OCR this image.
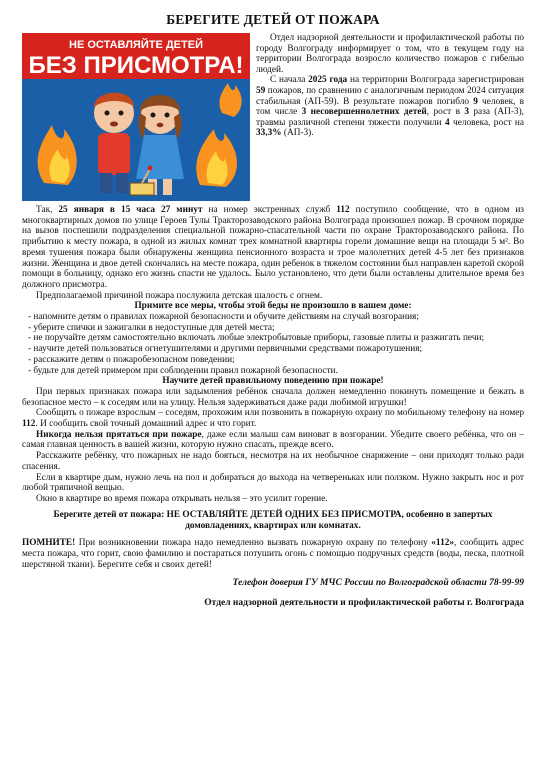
БЕРЕГИТЕ ДЕТЕЙ ОТ ПОЖАРА
НЕ ОСТАВЛЯЙТЕ ДЕТЕЙ
БЕЗ ПРИСМОТРА!

Отдел надзорной деятельности и профилактической работы по городу Волгограду информирует о том, что в текущем году на территории Волгограда возросло количество пожаров с гибелью людей.

С начала 2025 года на территории Волгограда зарегистрирован 59 пожаров, по сравнению с аналогичным периодом 2024 ситуация стабильная (АП-59). В результате пожаров погибло 9 человек, в том числе 3 несовершеннолетних детей, рост в 3 раза (АП-3), травмы различной степени тяжести получили 4 человека, рост на 33,3% (АП-3).

Так, 25 января в 15 часа 27 минут на номер экстренных служб 112 поступило сообщение, что в одном из многоквартирных домов по улице Героев Тулы Тракторозаводского района Волгограда произошел пожар. В срочном порядке на вызов поспешили подразделения специальной пожарно-спасательной части по охране Тракторозаводского района. По прибытию к месту пожара, в одной из жилых комнат трех комнатной квартиры горели домашние вещи на площади 5 м². Во время тушения пожара были обнаружены женщина пенсионного возраста и трое малолетних детей 4-5 лет без признаков жизни. Женщина и двое детей скончались на месте пожара, один ребенок в тяжелом состоянии был направлен каретой скорой помощи в больницу, однако его жизнь спасти не удалось. Было установлено, что дети были оставлены длительное время без должного присмотра.

Предполагаемой причиной пожара послужила детская шалость с огнем.

Примите все меры, чтобы этой беды не произошло в вашем доме:

- напомните детям о правилах пожарной безопасности и обучите действиям на случай возгорания;
- уберите спички и зажигалки в недоступные для детей места;
- не поручайте детям самостоятельно включать любые электробытовые приборы, газовые плиты и разжигать печи;
- научите детей пользоваться огнетушителями и другими первичными средствами пожаротушения;
- расскажите детям о пожаробезопасном поведении;
- будьте для детей примером при соблюдении правил пожарной безопасности.

Научите детей правильному поведению при пожаре!

При первых признаках пожара или задымления ребёнок сначала должен немедленно покинуть помещение и бежать в безопасное место – к соседям или на улицу. Нельзя задерживаться даже ради любимой игрушки!

Сообщить о пожаре взрослым – соседям, прохожим или позвонить в пожарную охрану по мобильному телефону на номер 112. И сообщить свой точный домашний адрес и что горит.

Никогда нельзя прятаться при пожаре, даже если малыш сам виноват в возгорании. Убедите своего ребёнка, что он – самая главная ценность в вашей жизни, которую нужно спасать, прежде всего.

Расскажите ребёнку, что пожарных не надо бояться, несмотря на их необычное снаряжение – они приходят только ради спасения.

Если в квартире дым, нужно лечь на пол и добираться до выхода на четвереньках или ползком. Нужно закрыть нос и рот любой тряпичной вещью.

Окно в квартире во время пожара открывать нельзя – это усилит горение.

Берегите детей от пожара: НЕ ОСТАВЛЯЙТЕ ДЕТЕЙ ОДНИХ БЕЗ ПРИСМОТРА, особенно в запертых домовладениях, квартирах или комнатах.

ПОМНИТЕ! При возникновении пожара надо немедленно вызвать пожарную охрану по телефону «112», сообщить адрес места пожара, что горит, свою фамилию и постараться потушить огонь с помощью подручных средств (воды, песка, плотной шерстяной ткани). Берегите себя и своих детей!

Телефон доверия ГУ МЧС России по Волгоградской области 78-99-99
Отдел надзорной деятельности и профилактической работы г. Волгограда
